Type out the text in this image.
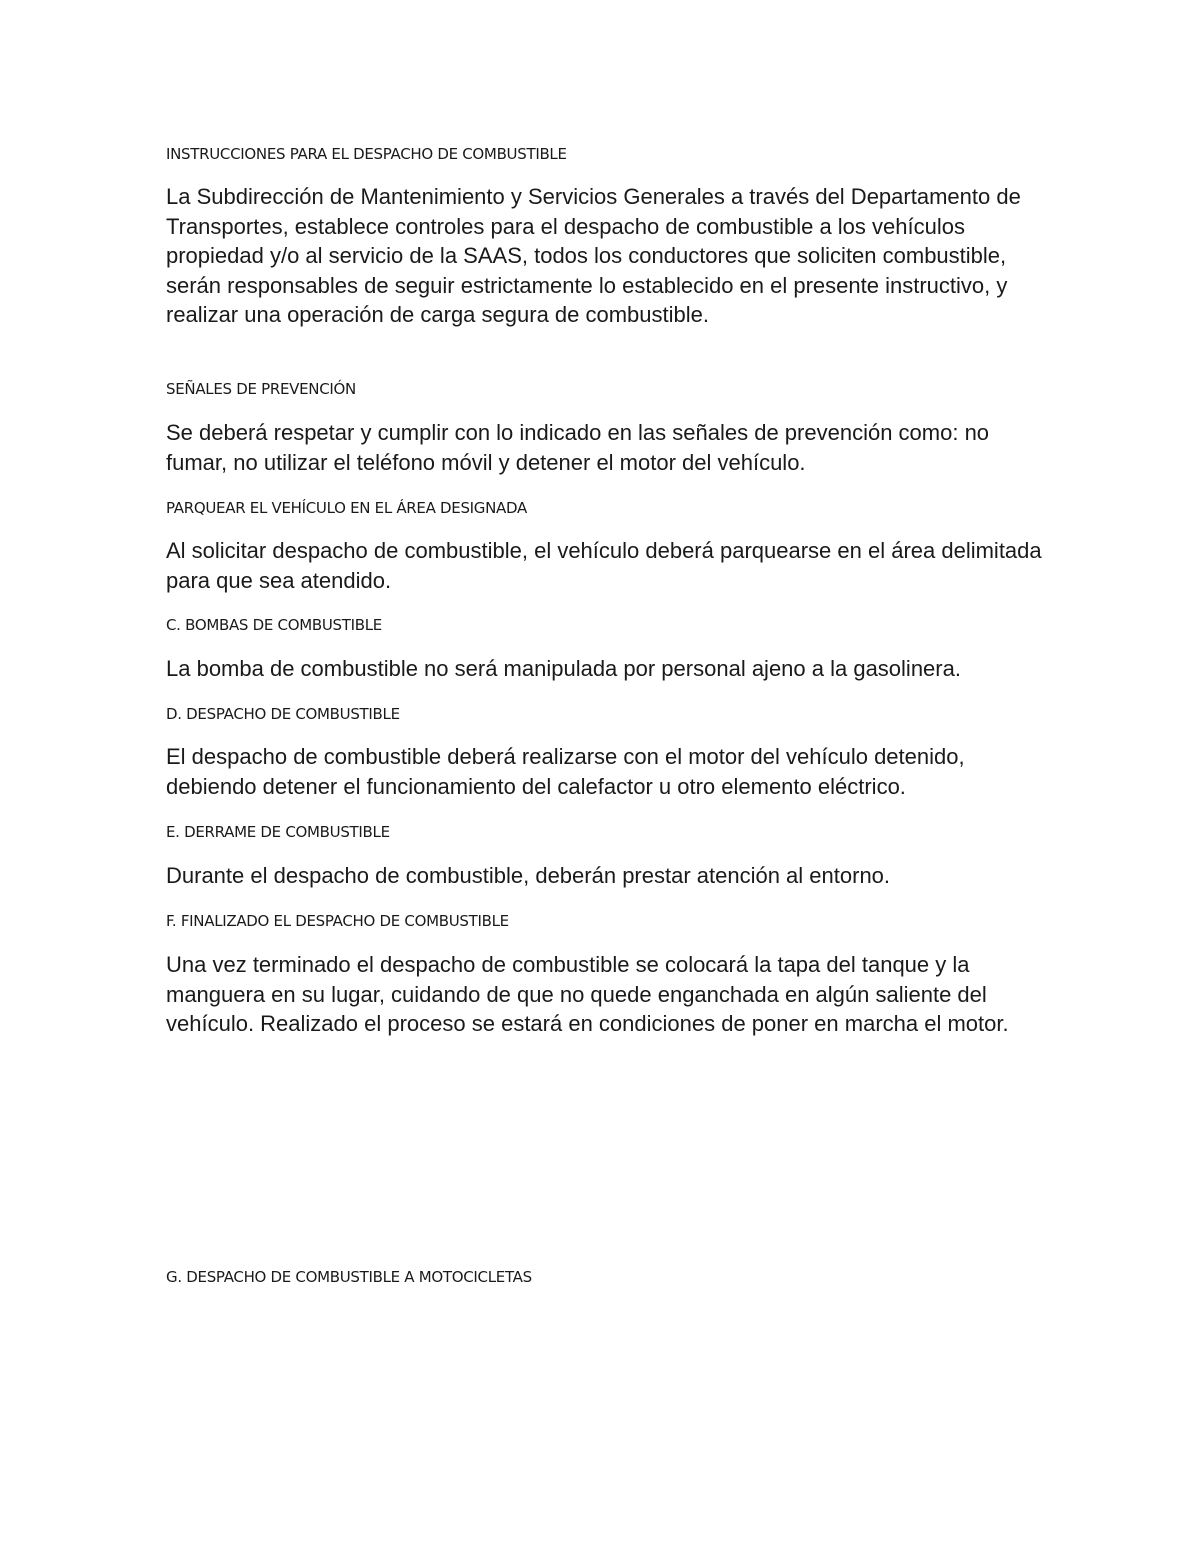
INSTRUCCIONES PARA EL DESPACHO DE COMBUSTIBLE

La Subdirección de Mantenimiento y Servicios Generales a través del Departamento de Transportes, establece controles para el despacho de combustible a los vehículos propiedad y/o al servicio de la SAAS, todos los conductores que soliciten combustible, serán responsables de seguir estrictamente lo establecido en el presente instructivo, y realizar una operación de carga segura de combustible.

SEÑALES DE PREVENCIÓN

Se deberá respetar y cumplir con lo indicado en las señales de prevención como: no fumar, no utilizar el teléfono móvil y detener el motor del vehículo.

PARQUEAR EL VEHÍCULO EN EL ÁREA DESIGNADA

Al solicitar despacho de combustible, el vehículo deberá parquearse en el área delimitada para que sea atendido.

C. BOMBAS DE COMBUSTIBLE

La bomba de combustible no será manipulada por personal ajeno a la gasolinera.

D. DESPACHO DE COMBUSTIBLE

El despacho de combustible deberá realizarse con el motor del vehículo detenido, debiendo detener el funcionamiento del calefactor u otro elemento eléctrico.

E. DERRAME DE COMBUSTIBLE

Durante el despacho de combustible, deberán prestar atención al entorno.

F. FINALIZADO EL DESPACHO DE COMBUSTIBLE

Una vez terminado el despacho de combustible se colocará la tapa del tanque y la manguera en su lugar, cuidando de que no quede enganchada en algún saliente del vehículo. Realizado el proceso se estará en condiciones de poner en marcha el motor.

G. DESPACHO DE COMBUSTIBLE A MOTOCICLETAS
